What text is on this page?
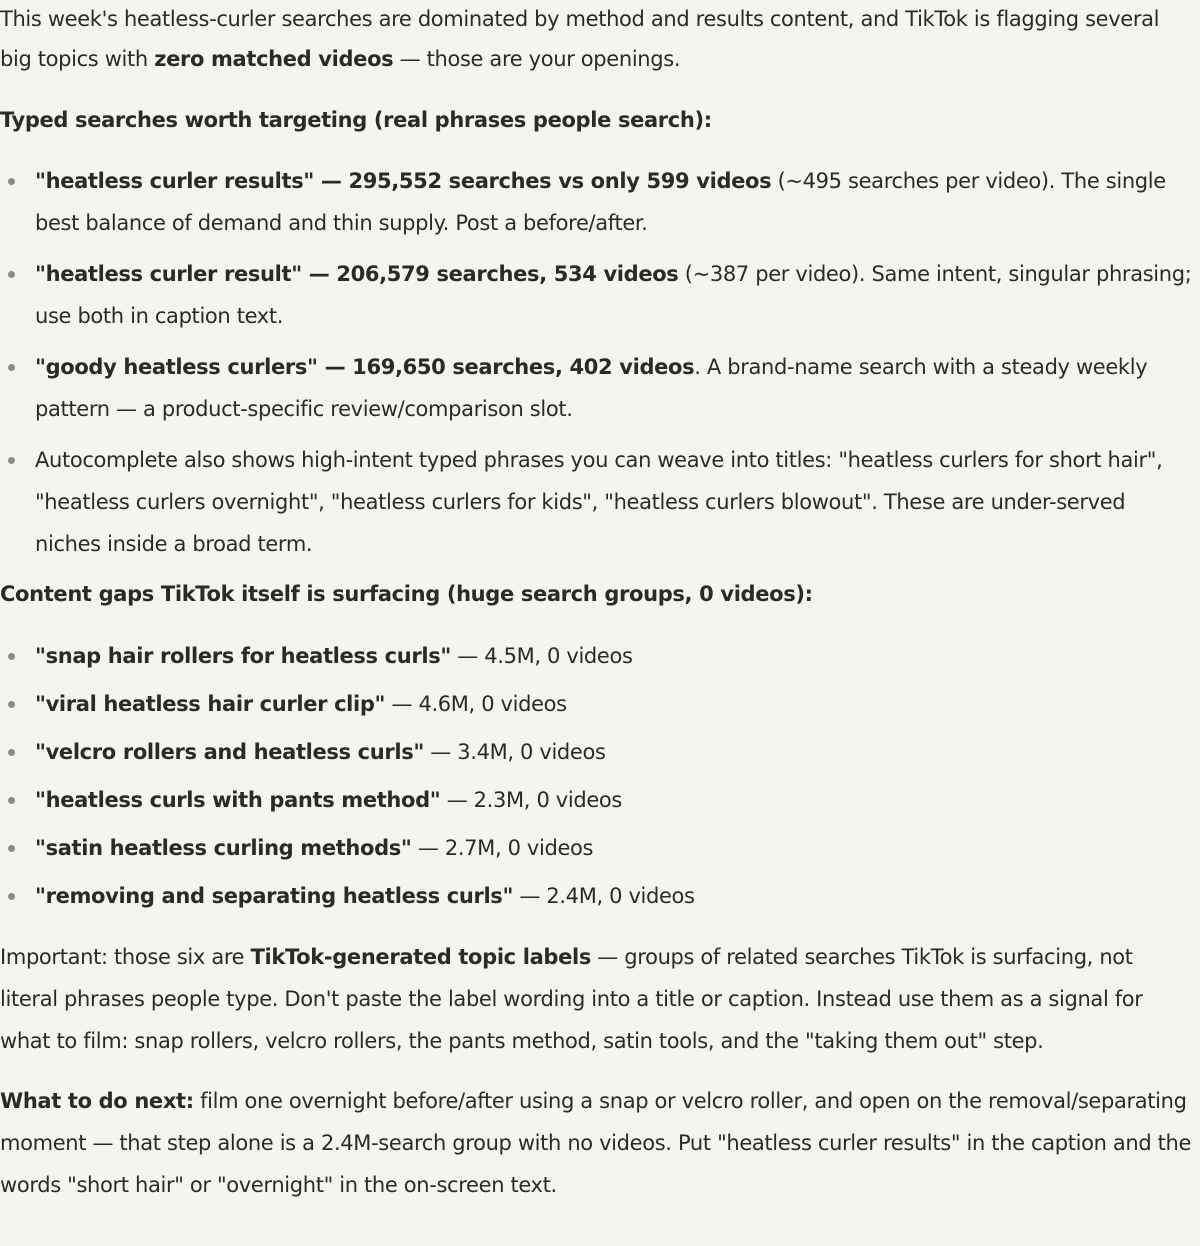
This week's heatless-curler searches are dominated by method and results content, and TikTok is flagging several big topics with zero matched videos — those are your openings.

Typed searches worth targeting (real phrases people search):

"heatless curler results" — 295,552 searches vs only 599 videos (~495 searches per video). The single best balance of demand and thin supply. Post a before/after.
"heatless curler result" — 206,579 searches, 534 videos (~387 per video). Same intent, singular phrasing; use both in caption text.
"goody heatless curlers" — 169,650 searches, 402 videos. A brand-name search with a steady weekly pattern — a product-specific review/comparison slot.
Autocomplete also shows high-intent typed phrases you can weave into titles: "heatless curlers for short hair", "heatless curlers overnight", "heatless curlers for kids", "heatless curlers blowout". These are under-served niches inside a broad term.

Content gaps TikTok itself is surfacing (huge search groups, 0 videos):

"snap hair rollers for heatless curls" — 4.5M, 0 videos
"viral heatless hair curler clip" — 4.6M, 0 videos
"velcro rollers and heatless curls" — 3.4M, 0 videos
"heatless curls with pants method" — 2.3M, 0 videos
"satin heatless curling methods" — 2.7M, 0 videos
"removing and separating heatless curls" — 2.4M, 0 videos

Important: those six are TikTok-generated topic labels — groups of related searches TikTok is surfacing, not literal phrases people type. Don't paste the label wording into a title or caption. Instead use them as a signal for what to film: snap rollers, velcro rollers, the pants method, satin tools, and the "taking them out" step.

What to do next: film one overnight before/after using a snap or velcro roller, and open on the removal/separating moment — that step alone is a 2.4M-search group with no videos. Put "heatless curler results" in the caption and the words "short hair" or "overnight" in the on-screen text.
